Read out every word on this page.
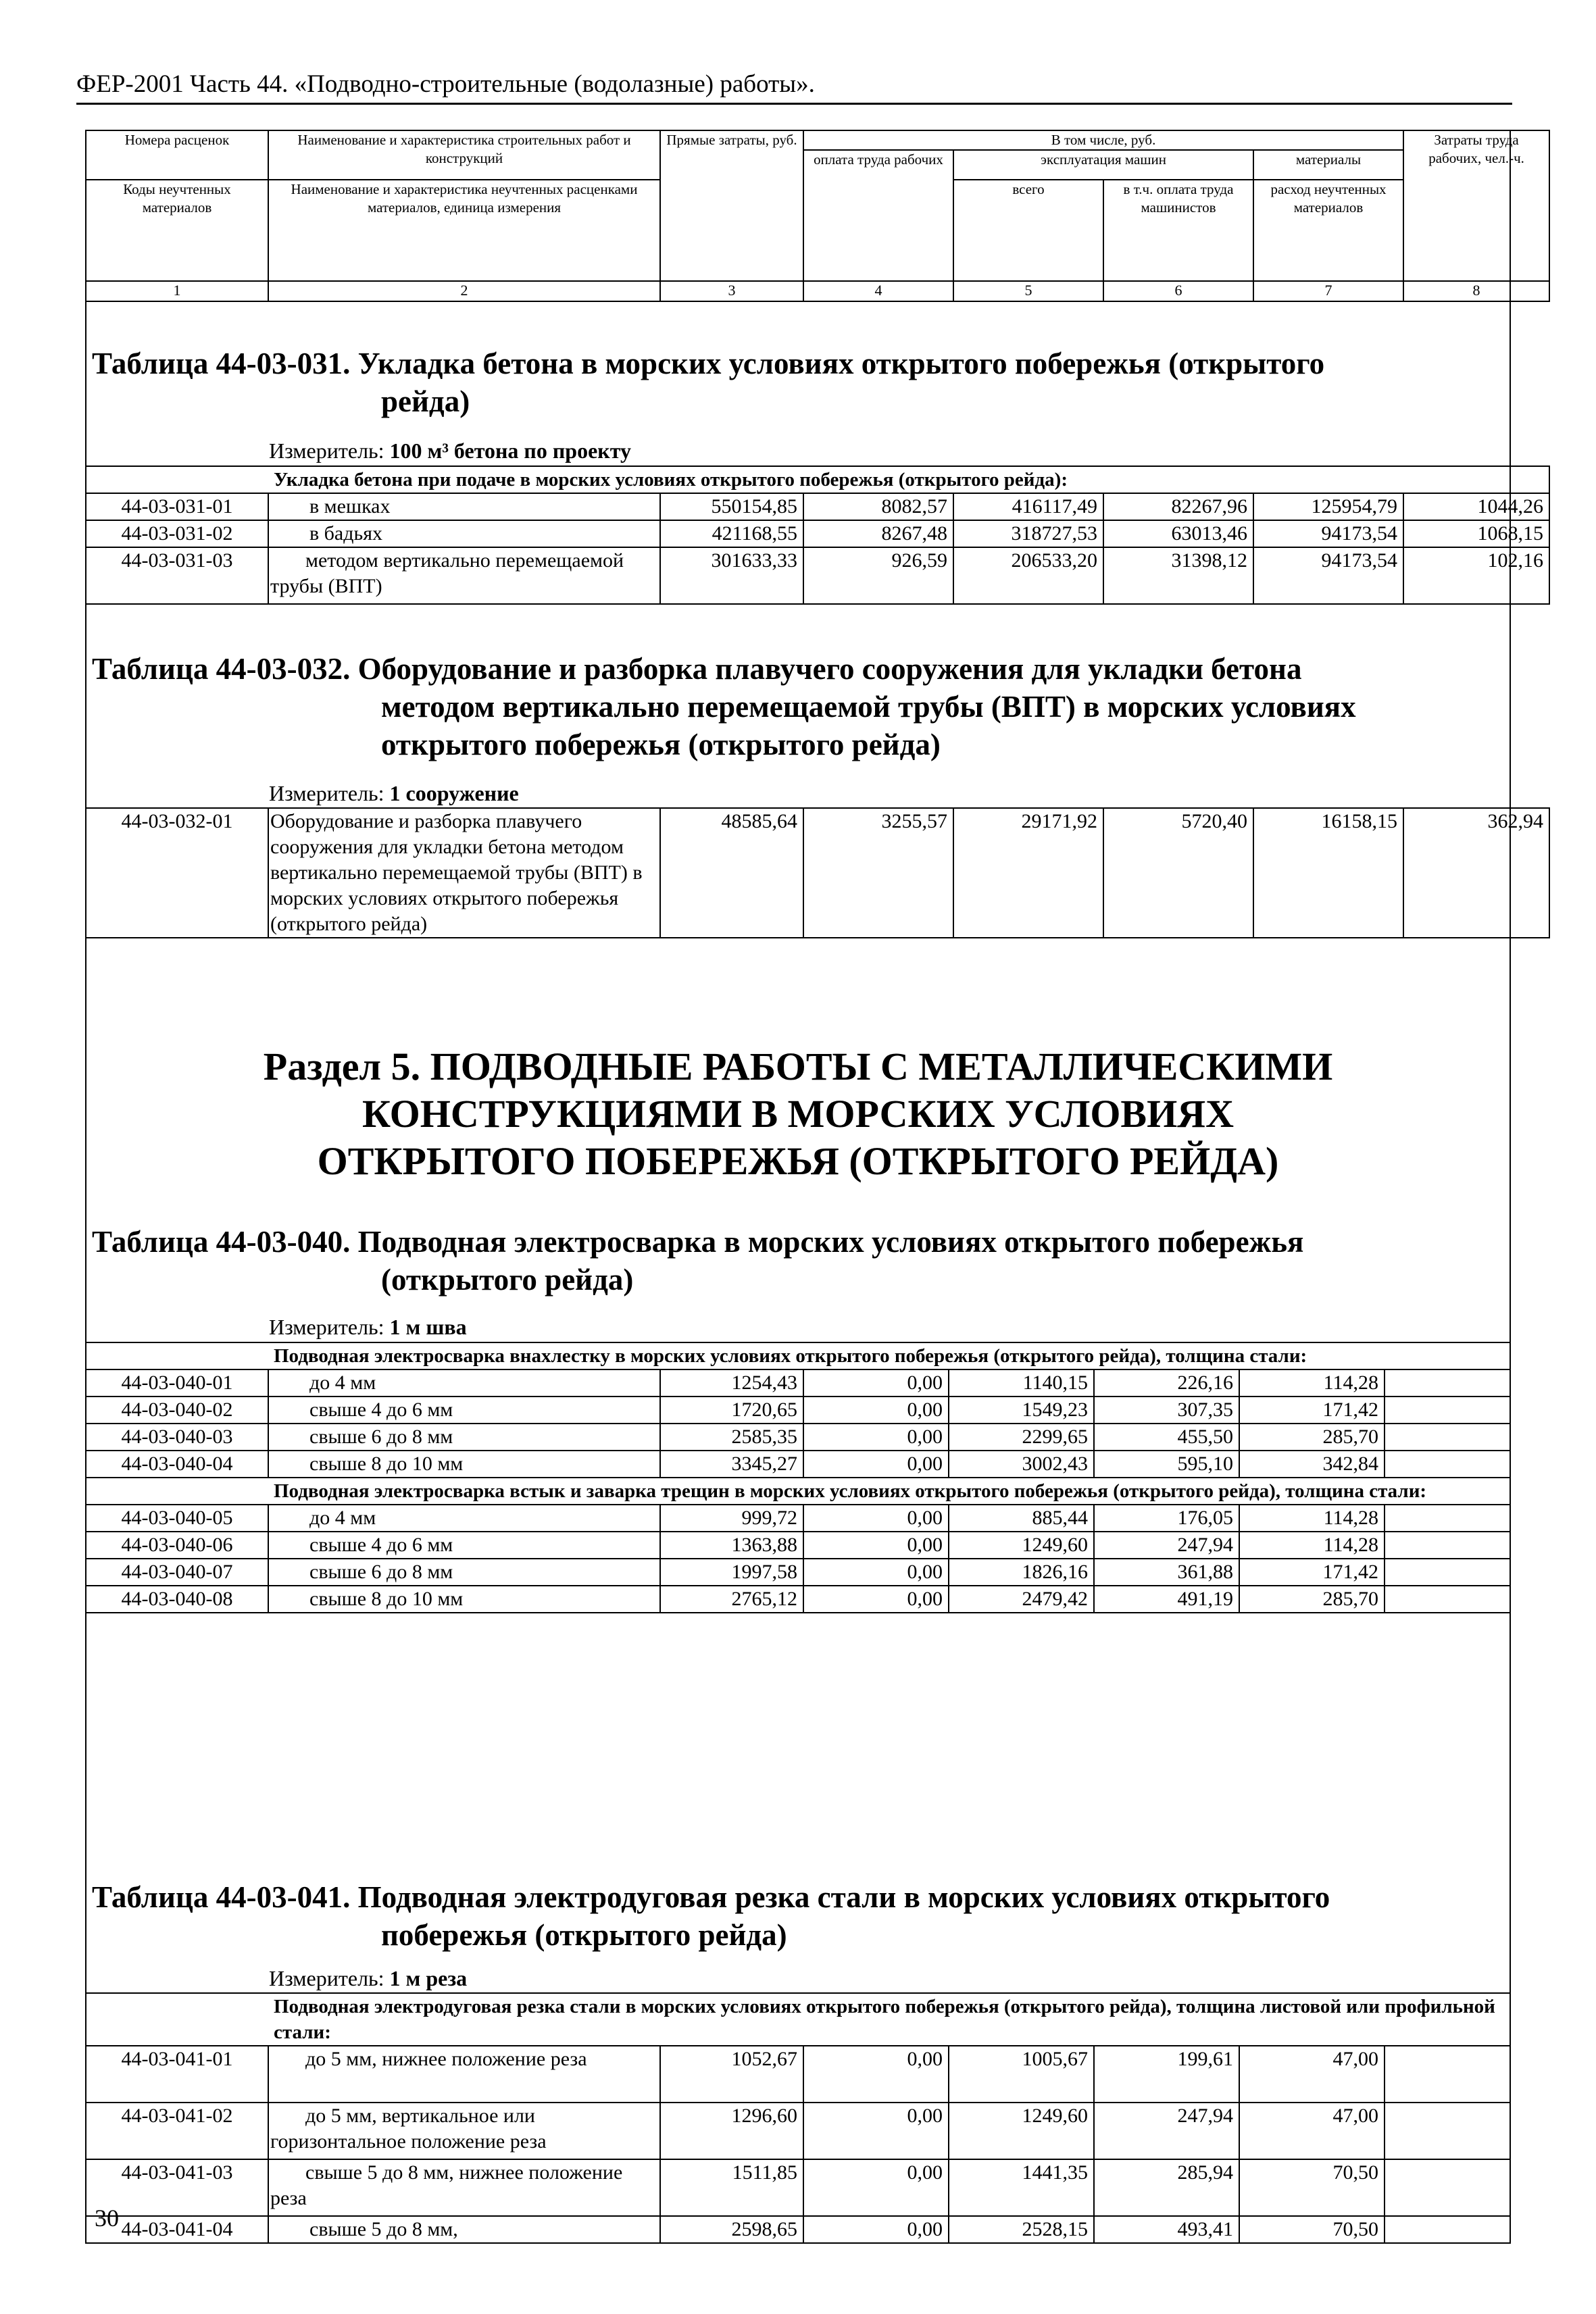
ФЕР-2001 Часть 44. «Подводно-строительные (водолазные) работы».
Номера расценок	Наименование и характеристика строительных работ и конструкций	Прямые затраты, руб.	В том числе, руб.				Затраты труда рабочих, чел.-ч.
			оплата труда рабочих	эксплуатация машин		материалы	
Коды неучтенных материалов	Наименование и характеристика неучтенных расценками материалов, единица измерения			всего	в т.ч. оплата труда машинистов	расход неучтенных материалов	

1	2	3	4	5	6	7	8
Таблица 44-03-031. Укладка бетона в морских условиях открытого побережья (открытого
рейда)
Измеритель: 100 м³ бетона по проекту
	Укладка бетона при подаче в морских условиях открытого побережья (открытого рейда):						
44-03-031-01	в мешках	550154,85	8082,57	416117,49	82267,96	125954,79	1044,26
44-03-031-02	в бадьях	421168,55	8267,48	318727,53	63013,46	94173,54	1068,15
44-03-031-03	методом вертикально перемещаемой трубы (ВПТ)	301633,33	926,59	206533,20	31398,12	94173,54	102,16
Таблица 44-03-032. Оборудование и разборка плавучего сооружения для укладки бетона
методом вертикально перемещаемой трубы (ВПТ) в морских условиях открытого побережья (открытого рейда)
Измеритель: 1 сооружение
44-03-032-01	Оборудование и разборка плавучего сооружения для укладки бетона методом вертикально перемещаемой трубы (ВПТ) в морских условиях открытого побережья (открытого рейда)	48585,64	3255,57	29171,92	5720,40	16158,15	362,94
Раздел 5. ПОДВОДНЫЕ РАБОТЫ С МЕТАЛЛИЧЕСКИМИ КОНСТРУКЦИЯМИ В МОРСКИХ УСЛОВИЯХ ОТКРЫТОГО ПОБЕРЕЖЬЯ (ОТКРЫТОГО РЕЙДА)
Таблица 44-03-040. Подводная электросварка в морских условиях открытого побережья
(открытого рейда)
Измеритель: 1 м шва
	Подводная электросварка внахлестку в морских условиях открытого побережья (открытого рейда), толщина стали:						
44-03-040-01	до 4 мм	1254,43	0,00	1140,15	226,16	114,28	
44-03-040-02	свыше 4 до 6 мм	1720,65	0,00	1549,23	307,35	171,42	
44-03-040-03	свыше 6 до 8 мм	2585,35	0,00	2299,65	455,50	285,70	
44-03-040-04	свыше 8 до 10 мм	3345,27	0,00	3002,43	595,10	342,84	
	Подводная электросварка встык и заварка трещин в морских условиях открытого побережья (открытого рейда), толщина стали:						
44-03-040-05	до 4 мм	999,72	0,00	885,44	176,05	114,28	
44-03-040-06	свыше 4 до 6 мм	1363,88	0,00	1249,60	247,94	114,28	
44-03-040-07	свыше 6 до 8 мм	1997,58	0,00	1826,16	361,88	171,42	
44-03-040-08	свыше 8 до 10 мм	2765,12	0,00	2479,42	491,19	285,70	
Таблица 44-03-041. Подводная электродуговая резка стали в морских условиях открытого
побережья (открытого рейда)
Измеритель: 1 м реза
	Подводная электродуговая резка стали в морских условиях открытого побережья (открытого рейда), толщина листовой или профильной стали:						
44-03-041-01	до 5 мм, нижнее положение реза	1052,67	0,00	1005,67	199,61	47,00	
44-03-041-02	до 5 мм, вертикальное или горизонтальное положение реза	1296,60	0,00	1249,60	247,94	47,00	
44-03-041-03	свыше 5 до 8 мм, нижнее положение реза	1511,85	0,00	1441,35	285,94	70,50	
44-03-041-04	свыше 5 до 8 мм,	2598,65	0,00	2528,15	493,41	70,50	
30
